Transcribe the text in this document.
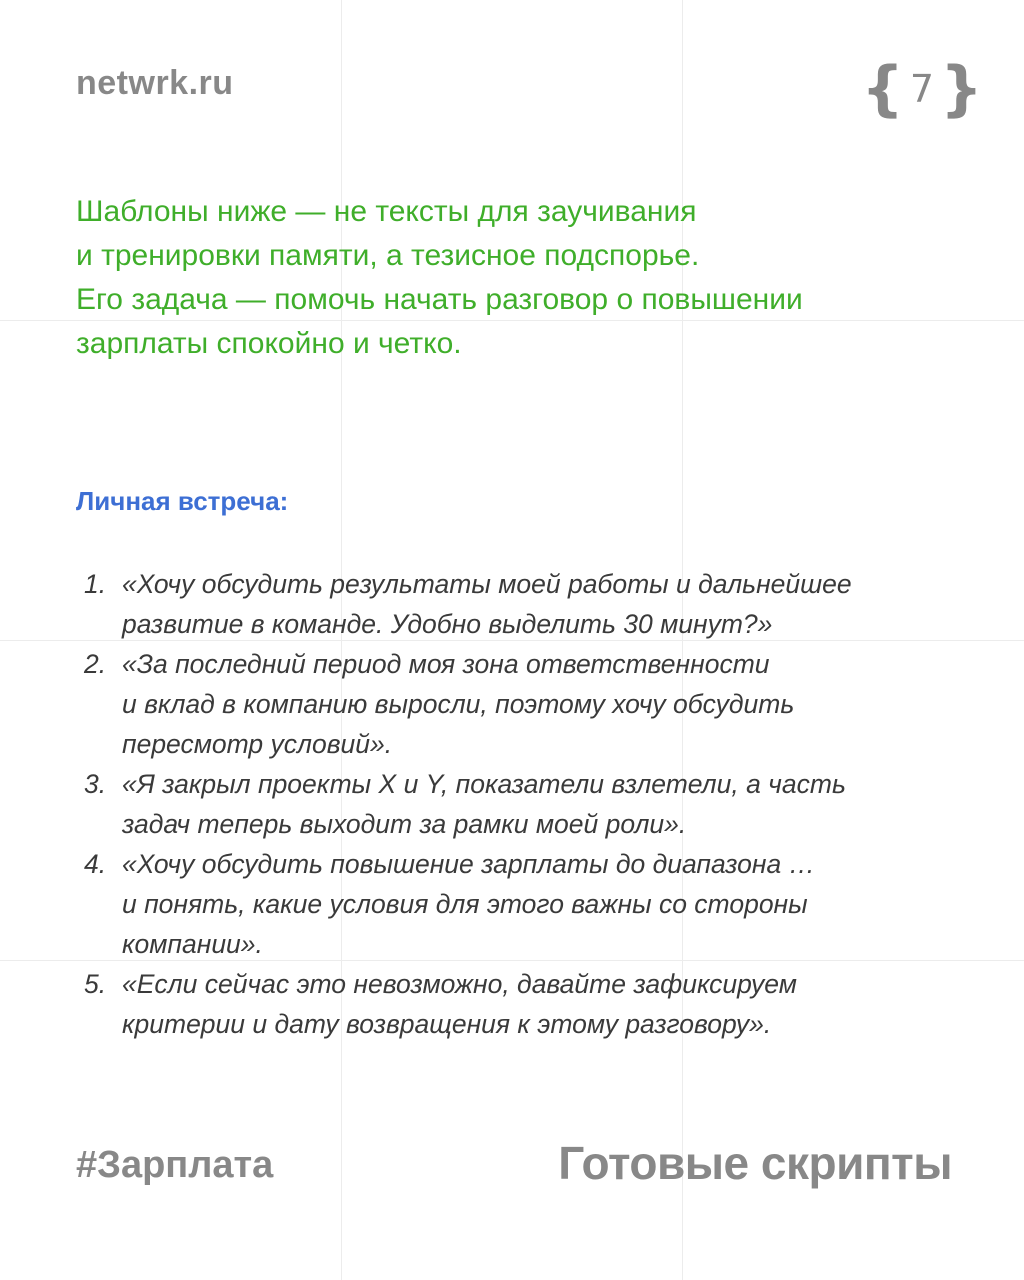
netwrk.ru	{ 7 }

Шаблоны ниже — не тексты для заучивания
и тренировки памяти, а тезисное подспорье.
Его задача — помочь начать разговор о повышении
зарплаты спокойно и четко.

Личная встреча:
1. «Хочу обсудить результаты моей работы и дальнейшее
развитие в команде. Удобно выделить 30 минут?»
2. «За последний период моя зона ответственности
и вклад в компанию выросли, поэтому хочу обсудить
пересмотр условий».
3. «Я закрыл проекты X и Y, показатели взлетели, а часть
задач теперь выходит за рамки моей роли».
4. «Хочу обсудить повышение зарплаты до диапазона …
и понять, какие условия для этого важны со стороны
компании».
5. «Если сейчас это невозможно, давайте зафиксируем
критерии и дату возвращения к этому разговору».
#Зарплата	Готовые скрипты
